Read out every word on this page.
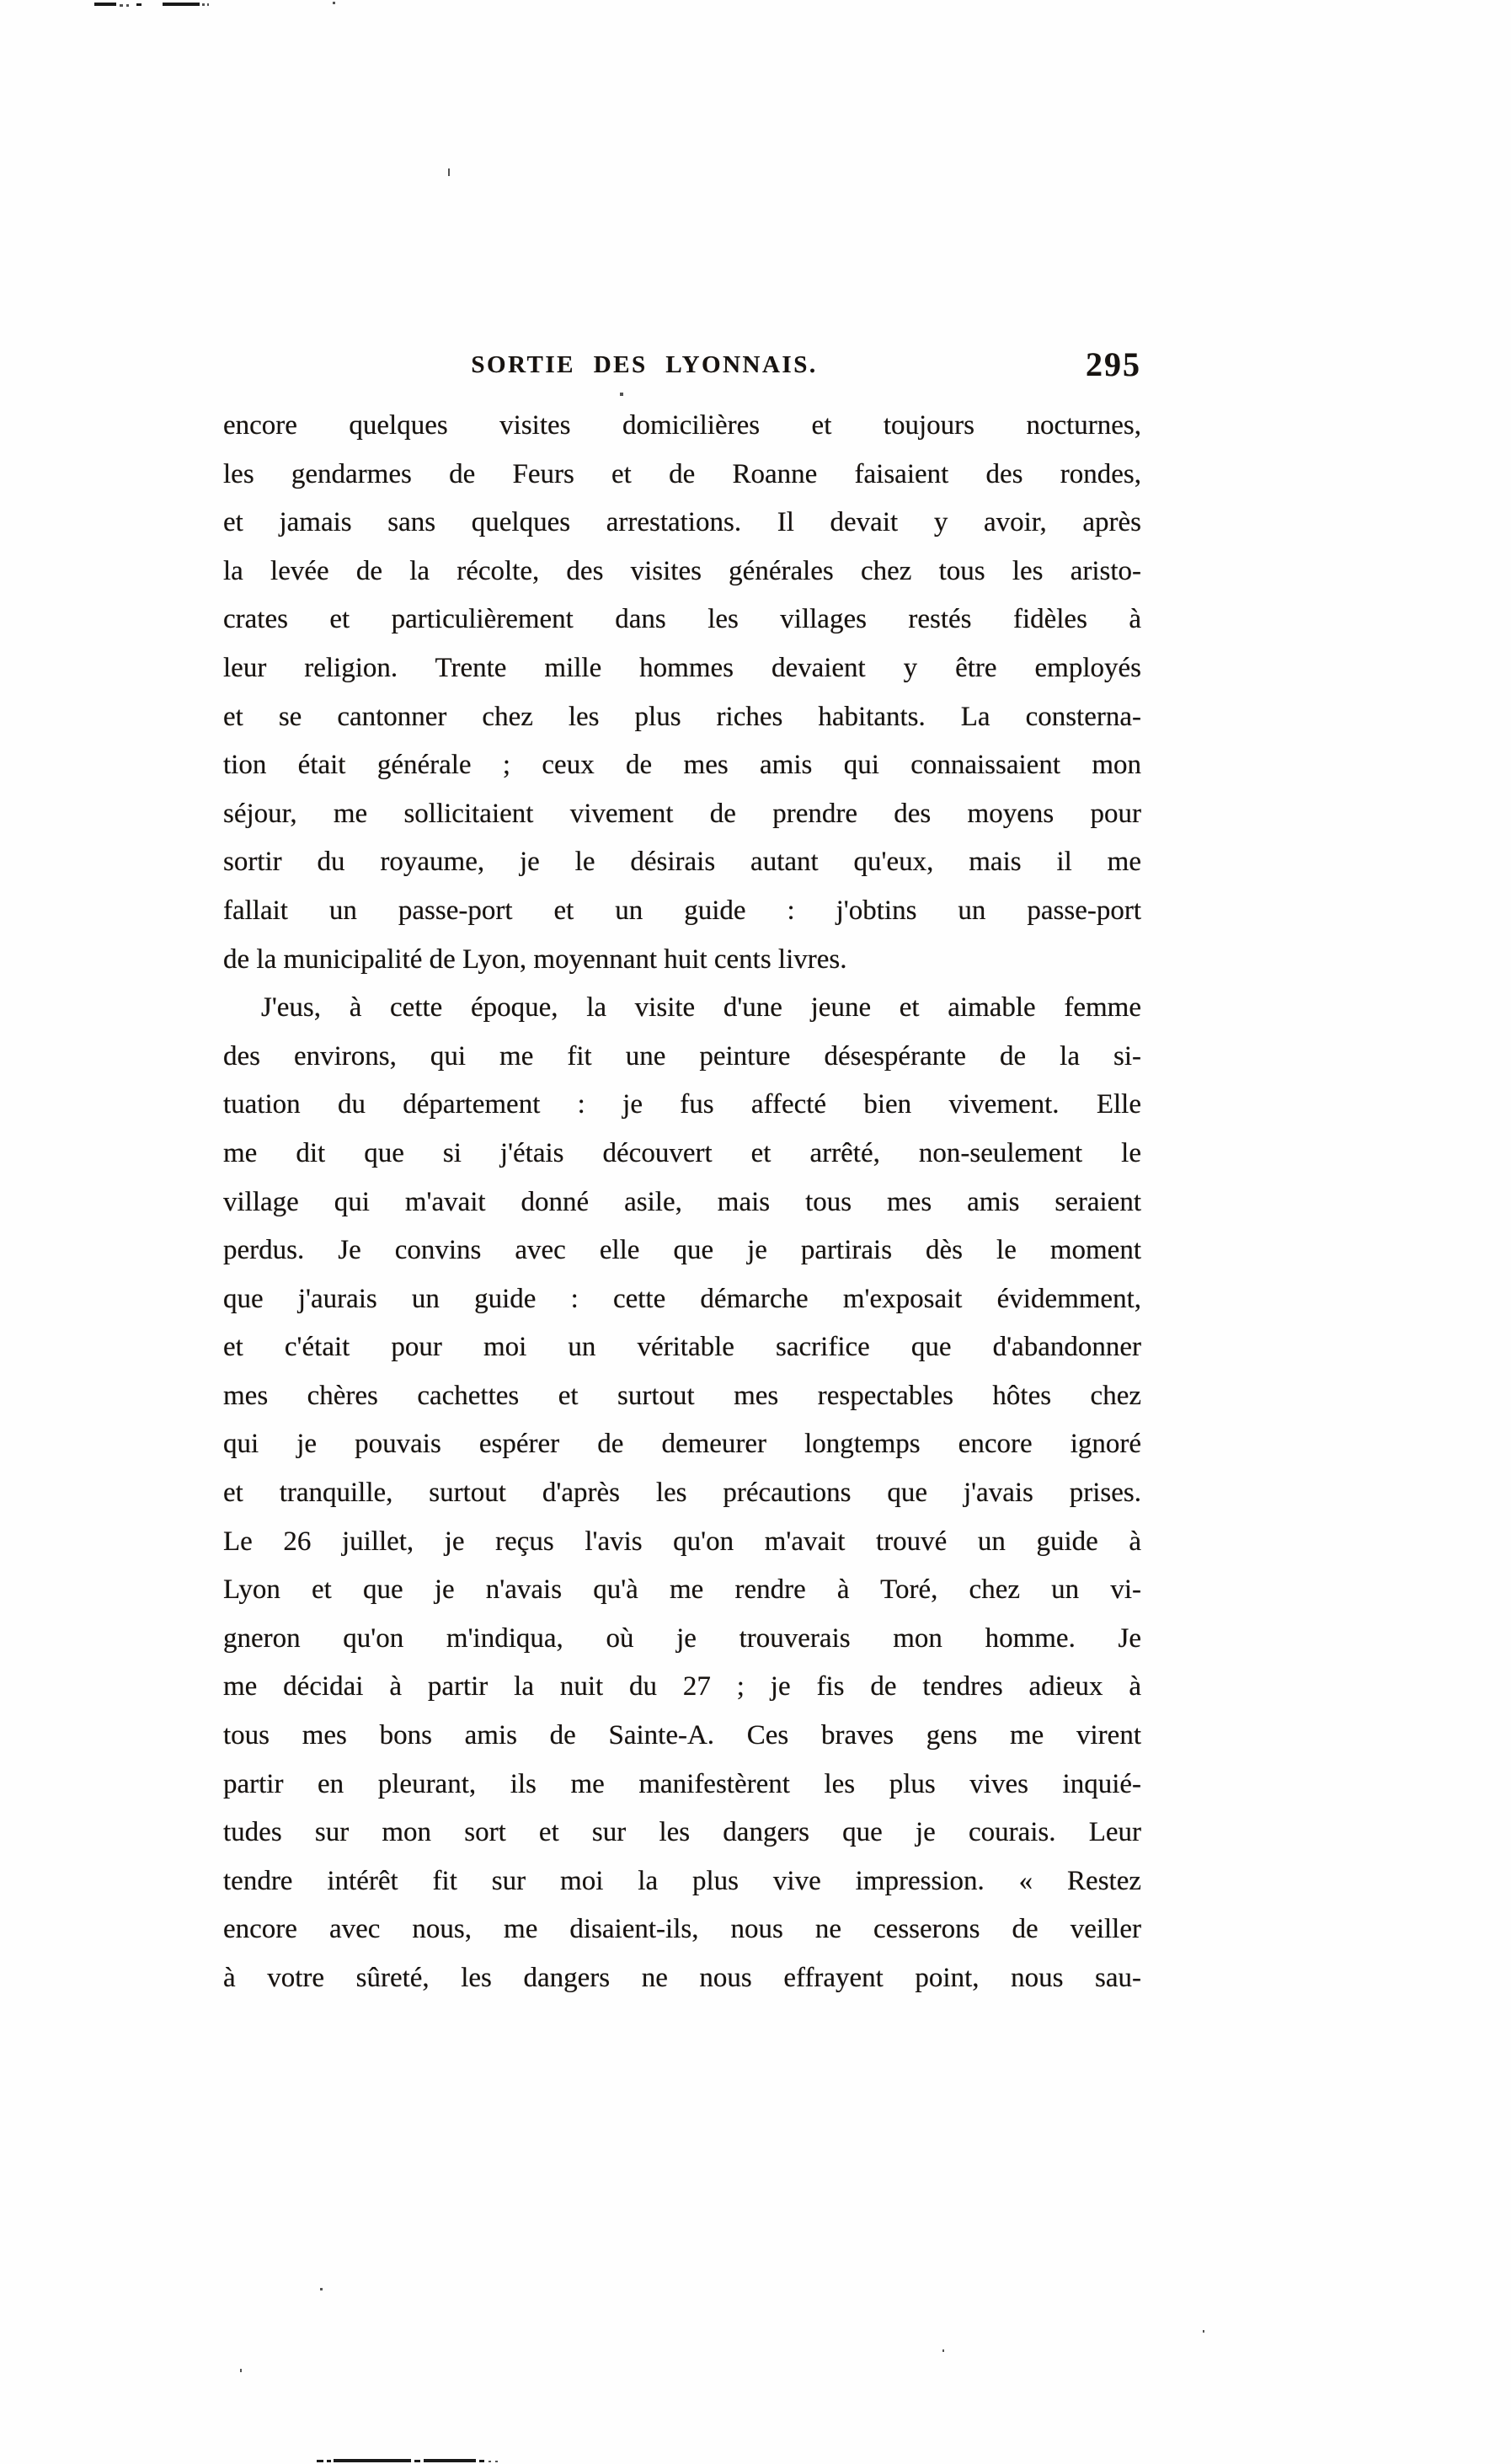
SORTIE DES LYONNAIS.	295
encore quelques visites domicilières et toujours nocturnes,
les gendarmes de Feurs et de Roanne faisaient des rondes,
et jamais sans quelques arrestations. Il devait y avoir, après
la levée de la récolte, des visites générales chez tous les aristo-
crates et particulièrement dans les villages restés fidèles à
leur religion. Trente mille hommes devaient y être employés
et se cantonner chez les plus riches habitants. La consterna-
tion était générale ; ceux de mes amis qui connaissaient mon
séjour, me sollicitaient vivement de prendre des moyens pour
sortir du royaume, je le désirais autant qu'eux, mais il me
fallait un passe-port et un guide : j'obtins un passe-port
de la municipalité de Lyon, moyennant huit cents livres.
J'eus, à cette époque, la visite d'une jeune et aimable femme
des environs, qui me fit une peinture désespérante de la si-
tuation du département : je fus affecté bien vivement. Elle
me dit que si j'étais découvert et arrêté, non-seulement le
village qui m'avait donné asile, mais tous mes amis seraient
perdus. Je convins avec elle que je partirais dès le moment
que j'aurais un guide : cette démarche m'exposait évidemment,
et c'était pour moi un véritable sacrifice que d'abandonner
mes chères cachettes et surtout mes respectables hôtes chez
qui je pouvais espérer de demeurer longtemps encore ignoré
et tranquille, surtout d'après les précautions que j'avais prises.
Le 26 juillet, je reçus l'avis qu'on m'avait trouvé un guide à
Lyon et que je n'avais qu'à me rendre à Toré, chez un vi-
gneron qu'on m'indiqua, où je trouverais mon homme. Je
me décidai à partir la nuit du 27 ; je fis de tendres adieux à
tous mes bons amis de Sainte-A. Ces braves gens me virent
partir en pleurant, ils me manifestèrent les plus vives inquié-
tudes sur mon sort et sur les dangers que je courais. Leur
tendre intérêt fit sur moi la plus vive impression. « Restez
encore avec nous, me disaient-ils, nous ne cesserons de veiller
à votre sûreté, les dangers ne nous effrayent point, nous sau-
